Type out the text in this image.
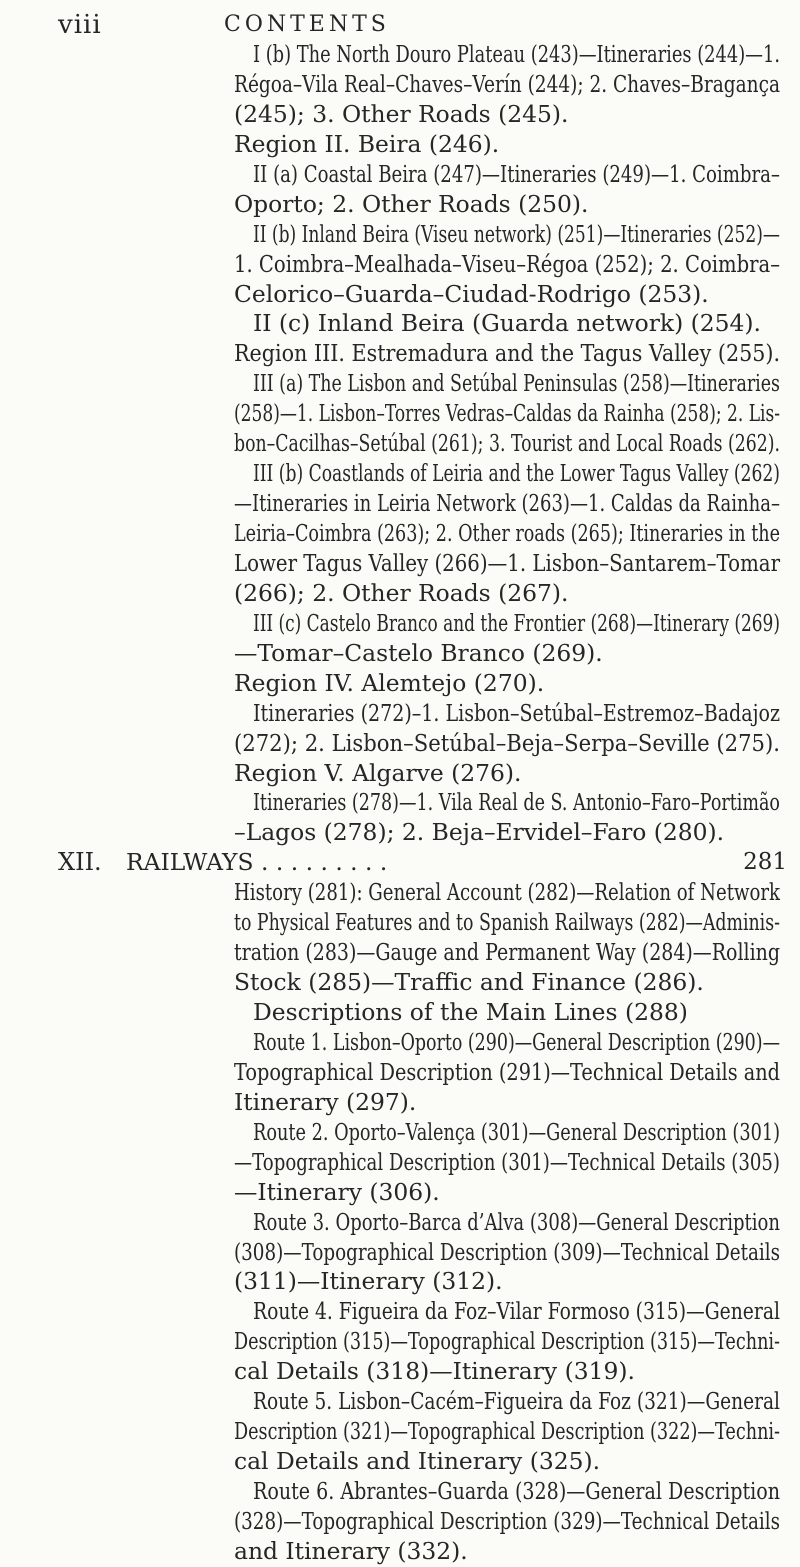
viii	CONTENTS
I (b) The North Douro Plateau (243)—Itineraries (244)—1.
Régoa–Vila Real–Chaves–Verín (244); 2. Chaves–Bragança
(245); 3. Other Roads (245).
Region II. Beira (246).
II (a) Coastal Beira (247)—Itineraries (249)—1. Coimbra–
Oporto; 2. Other Roads (250).
II (b) Inland Beira (Viseu network) (251)—Itineraries (252)—
1. Coimbra–Mealhada–Viseu–Régoa (252); 2. Coimbra–
Celorico–Guarda–Ciudad-Rodrigo (253).
II (c) Inland Beira (Guarda network) (254).
Region III. Estremadura and the Tagus Valley (255).
III (a) The Lisbon and Setúbal Peninsulas (258)—Itineraries
(258)—1. Lisbon–Torres Vedras–Caldas da Rainha (258); 2. Lis-
bon–Cacilhas–Setúbal (261); 3. Tourist and Local Roads (262).
III (b) Coastlands of Leiria and the Lower Tagus Valley (262)
—Itineraries in Leiria Network (263)—1. Caldas da Rainha–
Leiria–Coimbra (263); 2. Other roads (265); Itineraries in the
Lower Tagus Valley (266)—1. Lisbon–Santarem–Tomar
(266); 2. Other Roads (267).
III (c) Castelo Branco and the Frontier (268)—Itinerary (269)
—Tomar–Castelo Branco (269).
Region IV. Alemtejo (270).
Itineraries (272)–1. Lisbon–Setúbal–Estremoz–Badajoz
(272); 2. Lisbon–Setúbal–Beja–Serpa–Seville (275).
Region V. Algarve (276).
Itineraries (278)—1. Vila Real de S. Antonio–Faro–Portimão
–Lagos (278); 2. Beja–Ervidel–Faro (280).
XII. RAILWAYS . . . . . . . . .	281
History (281): General Account (282)—Relation of Network
to Physical Features and to Spanish Railways (282)—Adminis-
tration (283)—Gauge and Permanent Way (284)—Rolling
Stock (285)—Traffic and Finance (286).
Descriptions of the Main Lines (288)
Route 1. Lisbon–Oporto (290)—General Description (290)—
Topographical Description (291)—Technical Details and
Itinerary (297).
Route 2. Oporto–Valença (301)—General Description (301)
—Topographical Description (301)—Technical Details (305)
—Itinerary (306).
Route 3. Oporto–Barca d’Alva (308)—General Description
(308)—Topographical Description (309)—Technical Details
(311)—Itinerary (312).
Route 4. Figueira da Foz–Vilar Formoso (315)—General
Description (315)—Topographical Description (315)—Techni-
cal Details (318)—Itinerary (319).
Route 5. Lisbon–Cacém–Figueira da Foz (321)—General
Description (321)—Topographical Description (322)—Techni-
cal Details and Itinerary (325).
Route 6. Abrantes–Guarda (328)—General Description
(328)—Topographical Description (329)—Technical Details
and Itinerary (332).
